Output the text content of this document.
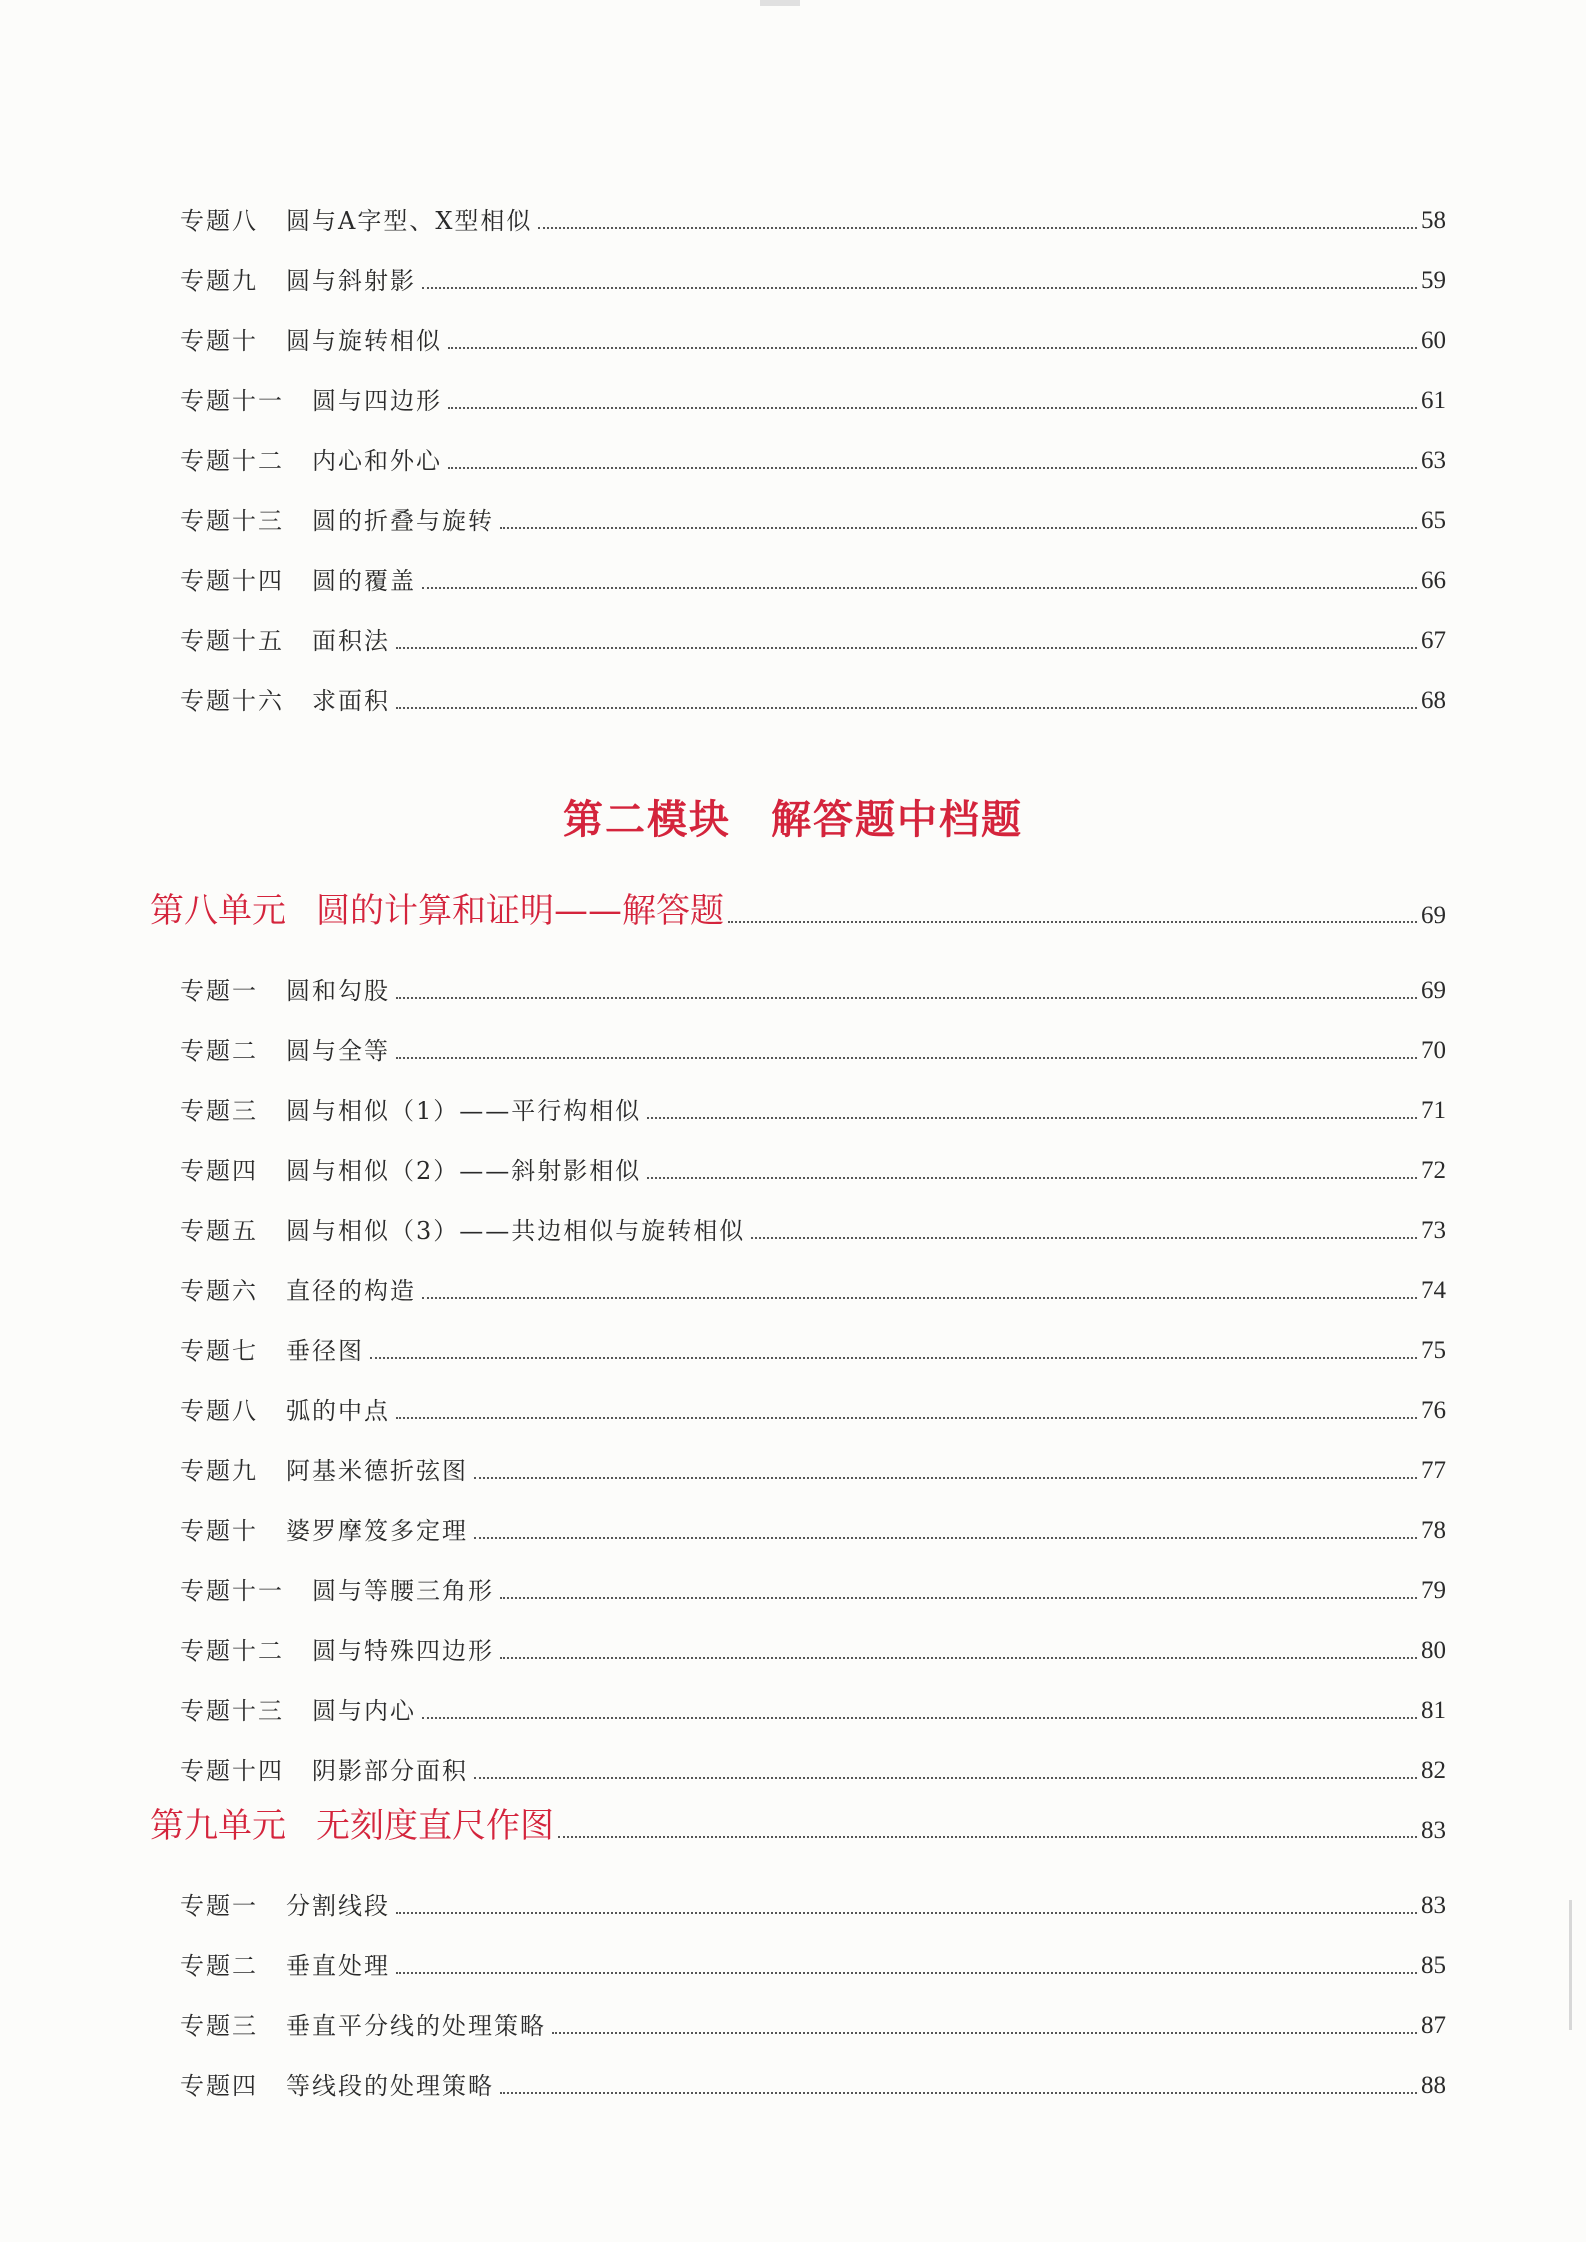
专题八 圆与A字型、X型相似	58
专题九 圆与斜射影	59
专题十 圆与旋转相似	60
专题十一 圆与四边形	61
专题十二 内心和外心	63
专题十三 圆的折叠与旋转	65
专题十四 圆的覆盖	66
专题十五 面积法	67
专题十六 求面积	68
第二模块 解答题中档题
第八单元 圆的计算和证明——解答题	69
专题一 圆和勾股	69
专题二 圆与全等	70
专题三 圆与相似（1）——平行构相似	71
专题四 圆与相似（2）——斜射影相似	72
专题五 圆与相似（3）——共边相似与旋转相似	73
专题六 直径的构造	74
专题七 垂径图	75
专题八 弧的中点	76
专题九 阿基米德折弦图	77
专题十 婆罗摩笈多定理	78
专题十一 圆与等腰三角形	79
专题十二 圆与特殊四边形	80
专题十三 圆与内心	81
专题十四 阴影部分面积	82
第九单元 无刻度直尺作图	83
专题一 分割线段	83
专题二 垂直处理	85
专题三 垂直平分线的处理策略	87
专题四 等线段的处理策略	88
